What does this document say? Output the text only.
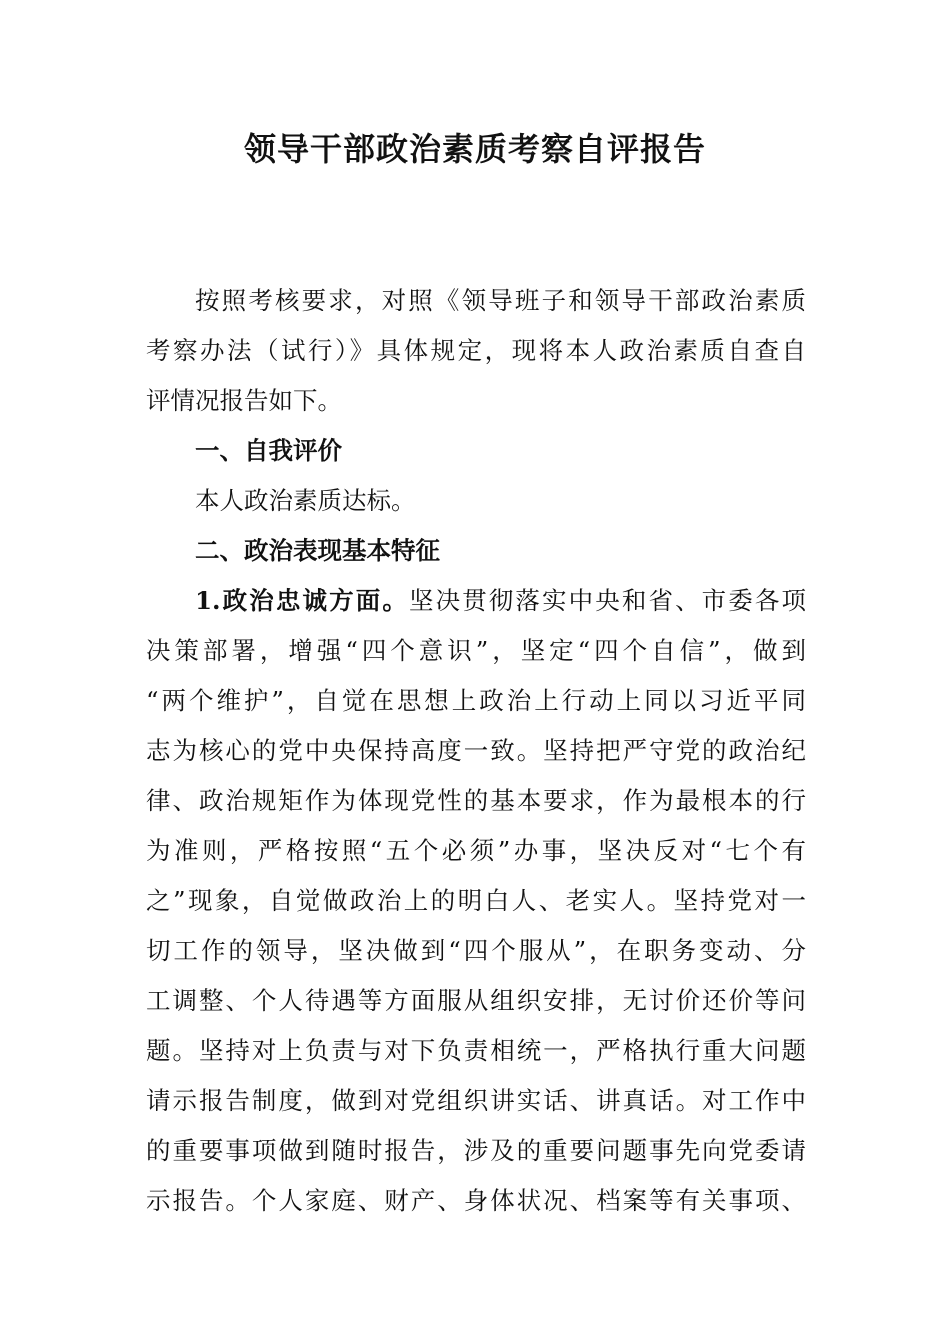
领导干部政治素质考察自评报告
按照考核要求，对照《领导班子和领导干部政治素质
考察办法（试行）》具体规定，现将本人政治素质自查自
评情况报告如下。
一、自我评价
本人政治素质达标。
二、政治表现基本特征
1.政治忠诚方面。坚决贯彻落实中央和省、市委各项
决策部署，增强“四个意识”，坚定“四个自信”，做到
“两个维护”，自觉在思想上政治上行动上同以习近平同
志为核心的党中央保持高度一致。坚持把严守党的政治纪
律、政治规矩作为体现党性的基本要求，作为最根本的行
为准则，严格按照“五个必须”办事，坚决反对“七个有
之”现象，自觉做政治上的明白人、老实人。坚持党对一
切工作的领导，坚决做到“四个服从”，在职务变动、分
工调整、个人待遇等方面服从组织安排，无讨价还价等问
题。坚持对上负责与对下负责相统一，严格执行重大问题
请示报告制度，做到对党组织讲实话、讲真话。对工作中
的重要事项做到随时报告，涉及的重要问题事先向党委请
示报告。个人家庭、财产、身体状况、档案等有关事项、
